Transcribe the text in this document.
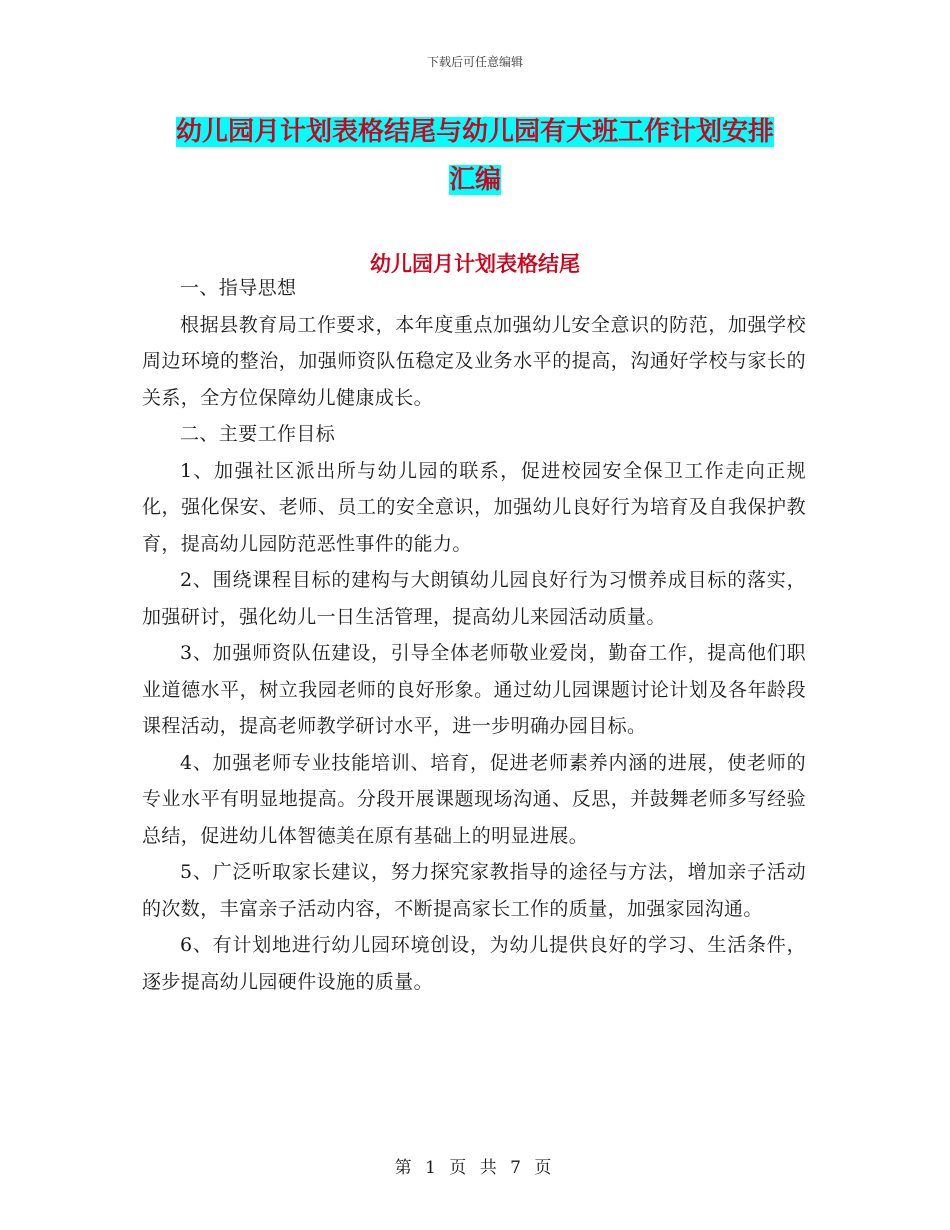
下载后可任意编辑
幼儿园月计划表格结尾与幼儿园有大班工作计划安排
汇编
幼儿园月计划表格结尾

一、指导思想

根据县教育局工作要求，本年度重点加强幼儿安全意识的防范，加强学校周边环境的整治，加强师资队伍稳定及业务水平的提高，沟通好学校与家长的关系，全方位保障幼儿健康成长。

二、主要工作目标

1、加强社区派出所与幼儿园的联系，促进校园安全保卫工作走向正规化，强化保安、老师、员工的安全意识，加强幼儿良好行为培育及自我保护教育，提高幼儿园防范恶性事件的能力。

2、围绕课程目标的建构与大朗镇幼儿园良好行为习惯养成目标的落实，加强研讨，强化幼儿一日生活管理，提高幼儿来园活动质量。

3、加强师资队伍建设，引导全体老师敬业爱岗，勤奋工作，提高他们职业道德水平，树立我园老师的良好形象。通过幼儿园课题讨论计划及各年龄段课程活动，提高老师教学研讨水平，进一步明确办园目标。

4、加强老师专业技能培训、培育，促进老师素养内涵的进展，使老师的专业水平有明显地提高。分段开展课题现场沟通、反思，并鼓舞老师多写经验总结，促进幼儿体智德美在原有基础上的明显进展。

5、广泛听取家长建议，努力探究家教指导的途径与方法，增加亲子活动的次数，丰富亲子活动内容，不断提高家长工作的质量，加强家园沟通。

6、有计划地进行幼儿园环境创设，为幼儿提供良好的学习、生活条件，逐步提高幼儿园硬件设施的质量。

第 1 页 共 7 页
